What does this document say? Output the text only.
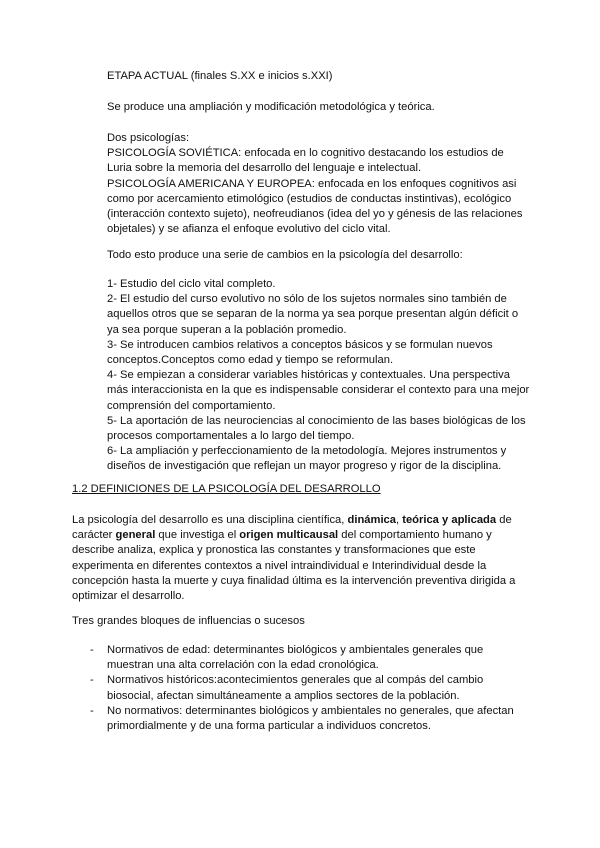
ETAPA ACTUAL (finales S.XX e inicios s.XXI)

Se produce una ampliación y modificación metodológica y teórica.

Dos psicologías:
PSICOLOGÍA SOVIÉTICA: enfocada en lo cognitivo destacando los estudios de
Luria sobre la memoria del desarrollo del lenguaje e intelectual.
PSICOLOGÍA AMERICANA Y EUROPEA: enfocada en los enfoques cognitivos asi
como por acercamiento etimológico (estudios de conductas instintivas), ecológico
(interacción contexto sujeto), neofreudianos (idea del yo y génesis de las relaciones
objetales) y se afianza el enfoque evolutivo del ciclo vital.

Todo esto produce una serie de cambios en la psicología del desarrollo:

1- Estudio del ciclo vital completo.
2- El estudio del curso evolutivo no sólo de los sujetos normales sino también de
aquellos otros que se separan de la norma ya sea porque presentan algún déficit o
ya sea porque superan a la población promedio.
3- Se introducen cambios relativos a conceptos básicos y se formulan nuevos
conceptos.Conceptos como edad y tiempo se reformulan.
4- Se empiezan a considerar variables históricas y contextuales. Una perspectiva
más interaccionista en la que es indispensable considerar el contexto para una mejor
comprensión del comportamiento.
5- La aportación de las neurociencias al conocimiento de las bases biológicas de los
procesos comportamentales a lo largo del tiempo.
6- La ampliación y perfeccionamiento de la metodología. Mejores instrumentos y
diseños de investigación que reflejan un mayor progreso y rigor de la disciplina.

1.2 DEFINICIONES DE LA PSICOLOGÍA DEL DESARROLLO

La psicología del desarrollo es una disciplina científica, dinámica, teórica y aplicada de
carácter general que investiga el origen multicausal del comportamiento humano y
describe analiza, explica y pronostica las constantes y transformaciones que este
experimenta en diferentes contextos a nivel intraindividual e Interindividual desde la
concepción hasta la muerte y cuya finalidad última es la intervención preventiva dirigida a
optimizar el desarrollo.

Tres grandes bloques de influencias o sucesos

- Normativos de edad: determinantes biológicos y ambientales generales que
muestran una alta correlación con la edad cronológica.
- Normativos históricos:acontecimientos generales que al compás del cambio
biosocial, afectan simultáneamente a amplios sectores de la población.
- No normativos: determinantes biológicos y ambientales no generales, que afectan
primordialmente y de una forma particular a individuos concretos.
